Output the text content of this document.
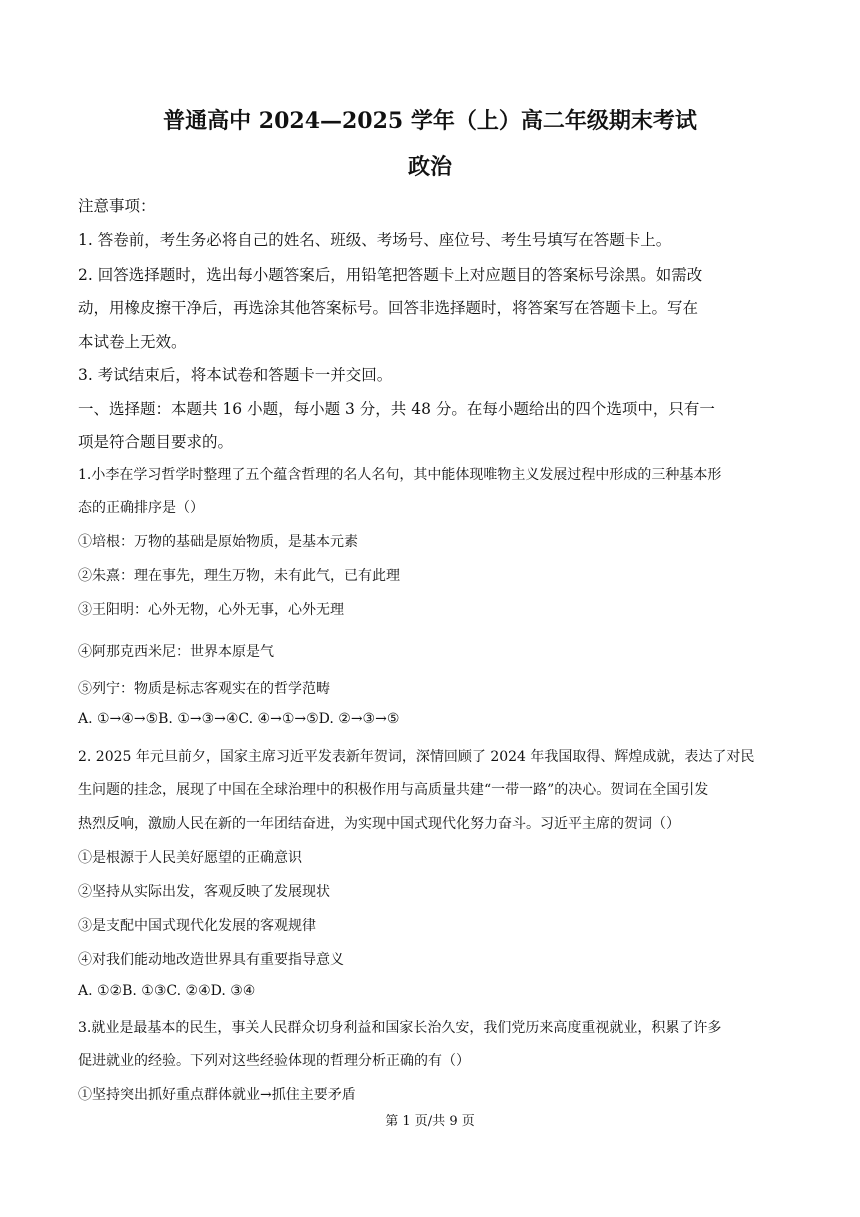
普通高中 2024—2025 学年（上）高二年级期末考试
政治
注意事项：
1. 答卷前，考生务必将自己的姓名、班级、考场号、座位号、考生号填写在答题卡上。
2. 回答选择题时，选出每小题答案后，用铅笔把答题卡上对应题目的答案标号涂黑。如需改
动，用橡皮擦干净后，再选涂其他答案标号。回答非选择题时，将答案写在答题卡上。写在
本试卷上无效。
3. 考试结束后，将本试卷和答题卡一并交回。
一、选择题：本题共 16 小题，每小题 3 分，共 48 分。在每小题给出的四个选项中，只有一
项是符合题目要求的。
1.小李在学习哲学时整理了五个蕴含哲理的名人名句，其中能体现唯物主义发展过程中形成的三种基本形
态的正确排序是（）
①培根：万物的基础是原始物质，是基本元素
②朱熹：理在事先，理生万物，未有此气，已有此理
③王阳明：心外无物，心外无事，心外无理
④阿那克西米尼：世界本原是气
⑤列宁：物质是标志客观实在的哲学范畴
A. ①→④→⑤B. ①→③→④C. ④→①→⑤D. ②→③→⑤
2. 2025 年元旦前夕，国家主席习近平发表新年贺词，深情回顾了 2024 年我国取得、辉煌成就，表达了对民
生问题的挂念，展现了中国在全球治理中的积极作用与高质量共建“一带一路”的决心。贺词在全国引发
热烈反响，激励人民在新的一年团结奋进，为实现中国式现代化努力奋斗。习近平主席的贺词（）
①是根源于人民美好愿望的正确意识
②坚持从实际出发，客观反映了发展现状
③是支配中国式现代化发展的客观规律
④对我们能动地改造世界具有重要指导意义
A. ①②B. ①③C. ②④D. ③④
3.就业是最基本的民生，事关人民群众切身利益和国家长治久安，我们党历来高度重视就业，积累了许多
促进就业的经验。下列对这些经验体现的哲理分析正确的有（）
①坚持突出抓好重点群体就业→抓住主要矛盾
第 1 页/共 9 页
